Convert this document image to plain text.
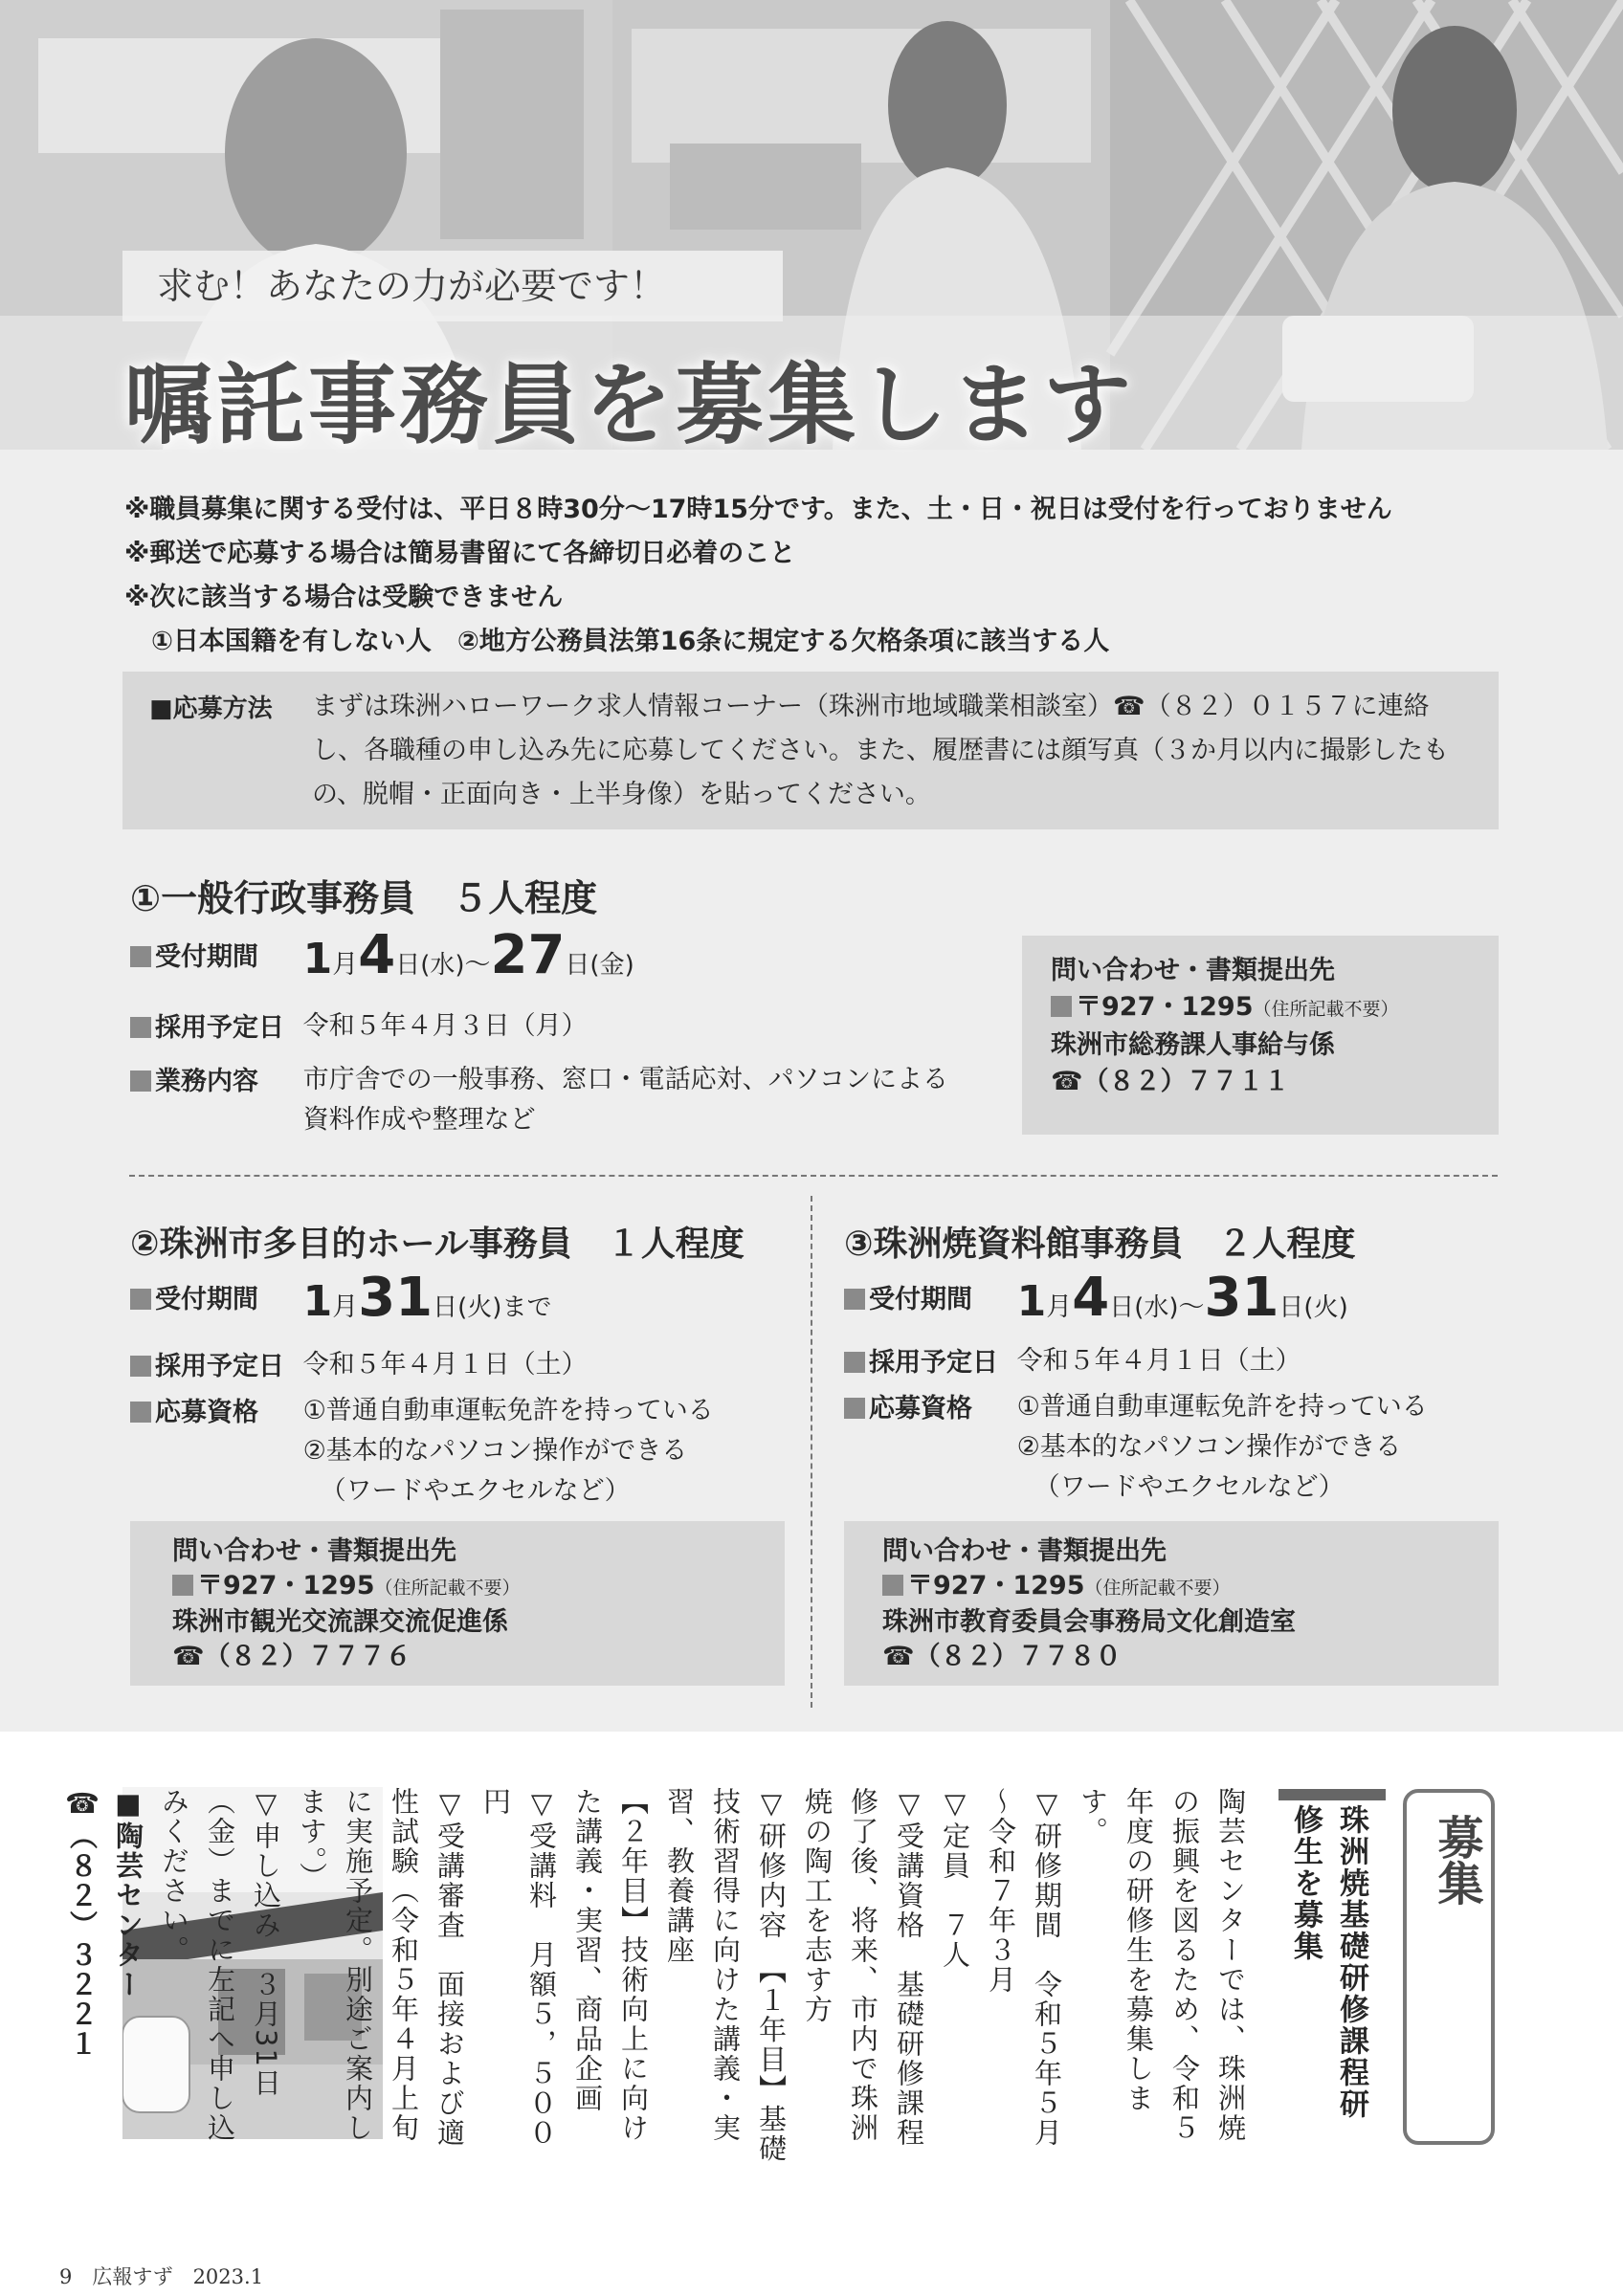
求む！あなたの力が必要です！
嘱託事務員を募集します
※職員募集に関する受付は、平日８時30分～17時15分です。また、土・日・祝日は受付を行っておりません
※郵送で応募する場合は簡易書留にて各締切日必着のこと
※次に該当する場合は受験できません
①日本国籍を有しない人　②地方公務員法第16条に規定する欠格条項に該当する人
■応募方法 まずは珠洲ハローワーク求人情報コーナー（珠洲市地域職業相談室）☎（８２）０１５７に連絡し、各職種の申し込み先に応募してください。また、履歴書には顔写真（３か月以内に撮影したもの、脱帽・正面向き・上半身像）を貼ってください。
①一般行政事務員　５人程度
受付期間 1月4日(水)～27日(金)
採用予定日 令和５年４月３日（月）
業務内容 市庁舎での一般事務、窓口・電話応対、パソコンによる資料作成や整理など
問い合わせ・書類提出先
〒927・1295（住所記載不要）
珠洲市総務課人事給与係
☎（８２）７７１１
②珠洲市多目的ホール事務員　１人程度
受付期間 1月31日(火)まで
採用予定日 令和５年４月１日（土）
応募資格 ①普通自動車運転免許を持っている
②基本的なパソコン操作ができる
（ワードやエクセルなど）
問い合わせ・書類提出先
〒927・1295（住所記載不要）
珠洲市観光交流課交流促進係
☎（８２）７７７６
③珠洲焼資料館事務員　２人程度
受付期間 1月4日(水)～31日(火)
採用予定日 令和５年４月１日（土）
応募資格 ①普通自動車運転免許を持っている
②基本的なパソコン操作ができる
（ワードやエクセルなど）
問い合わせ・書類提出先
〒927・1295（住所記載不要）
珠洲市教育委員会事務局文化創造室
☎（８２）７７８０
募集
珠洲焼基礎研修課程研修生を募集
陶芸センターでは、珠洲焼の振興を図るため、令和５年度の研修生を募集します。
▽研修期間　令和５年５月～令和７年３月
▽定員　７人
▽受講資格　基礎研修課程修了後、将来、市内で珠洲焼の陶工を志す方
▽研修内容　【１年目】基礎技術習得に向けた講義・実習、教養講座
【２年目】技術向上に向けた講義・実習、商品企画
▽受講料　月額５，５００円
▽受講審査　面接および適性試験（令和５年４月上旬に実施予定。別途ご案内します。）
▽申し込み　３月31日（金）までに左記へ申し込みください。
■陶芸センター
☎（８２）３２２１
9　広報すず　2023.1
